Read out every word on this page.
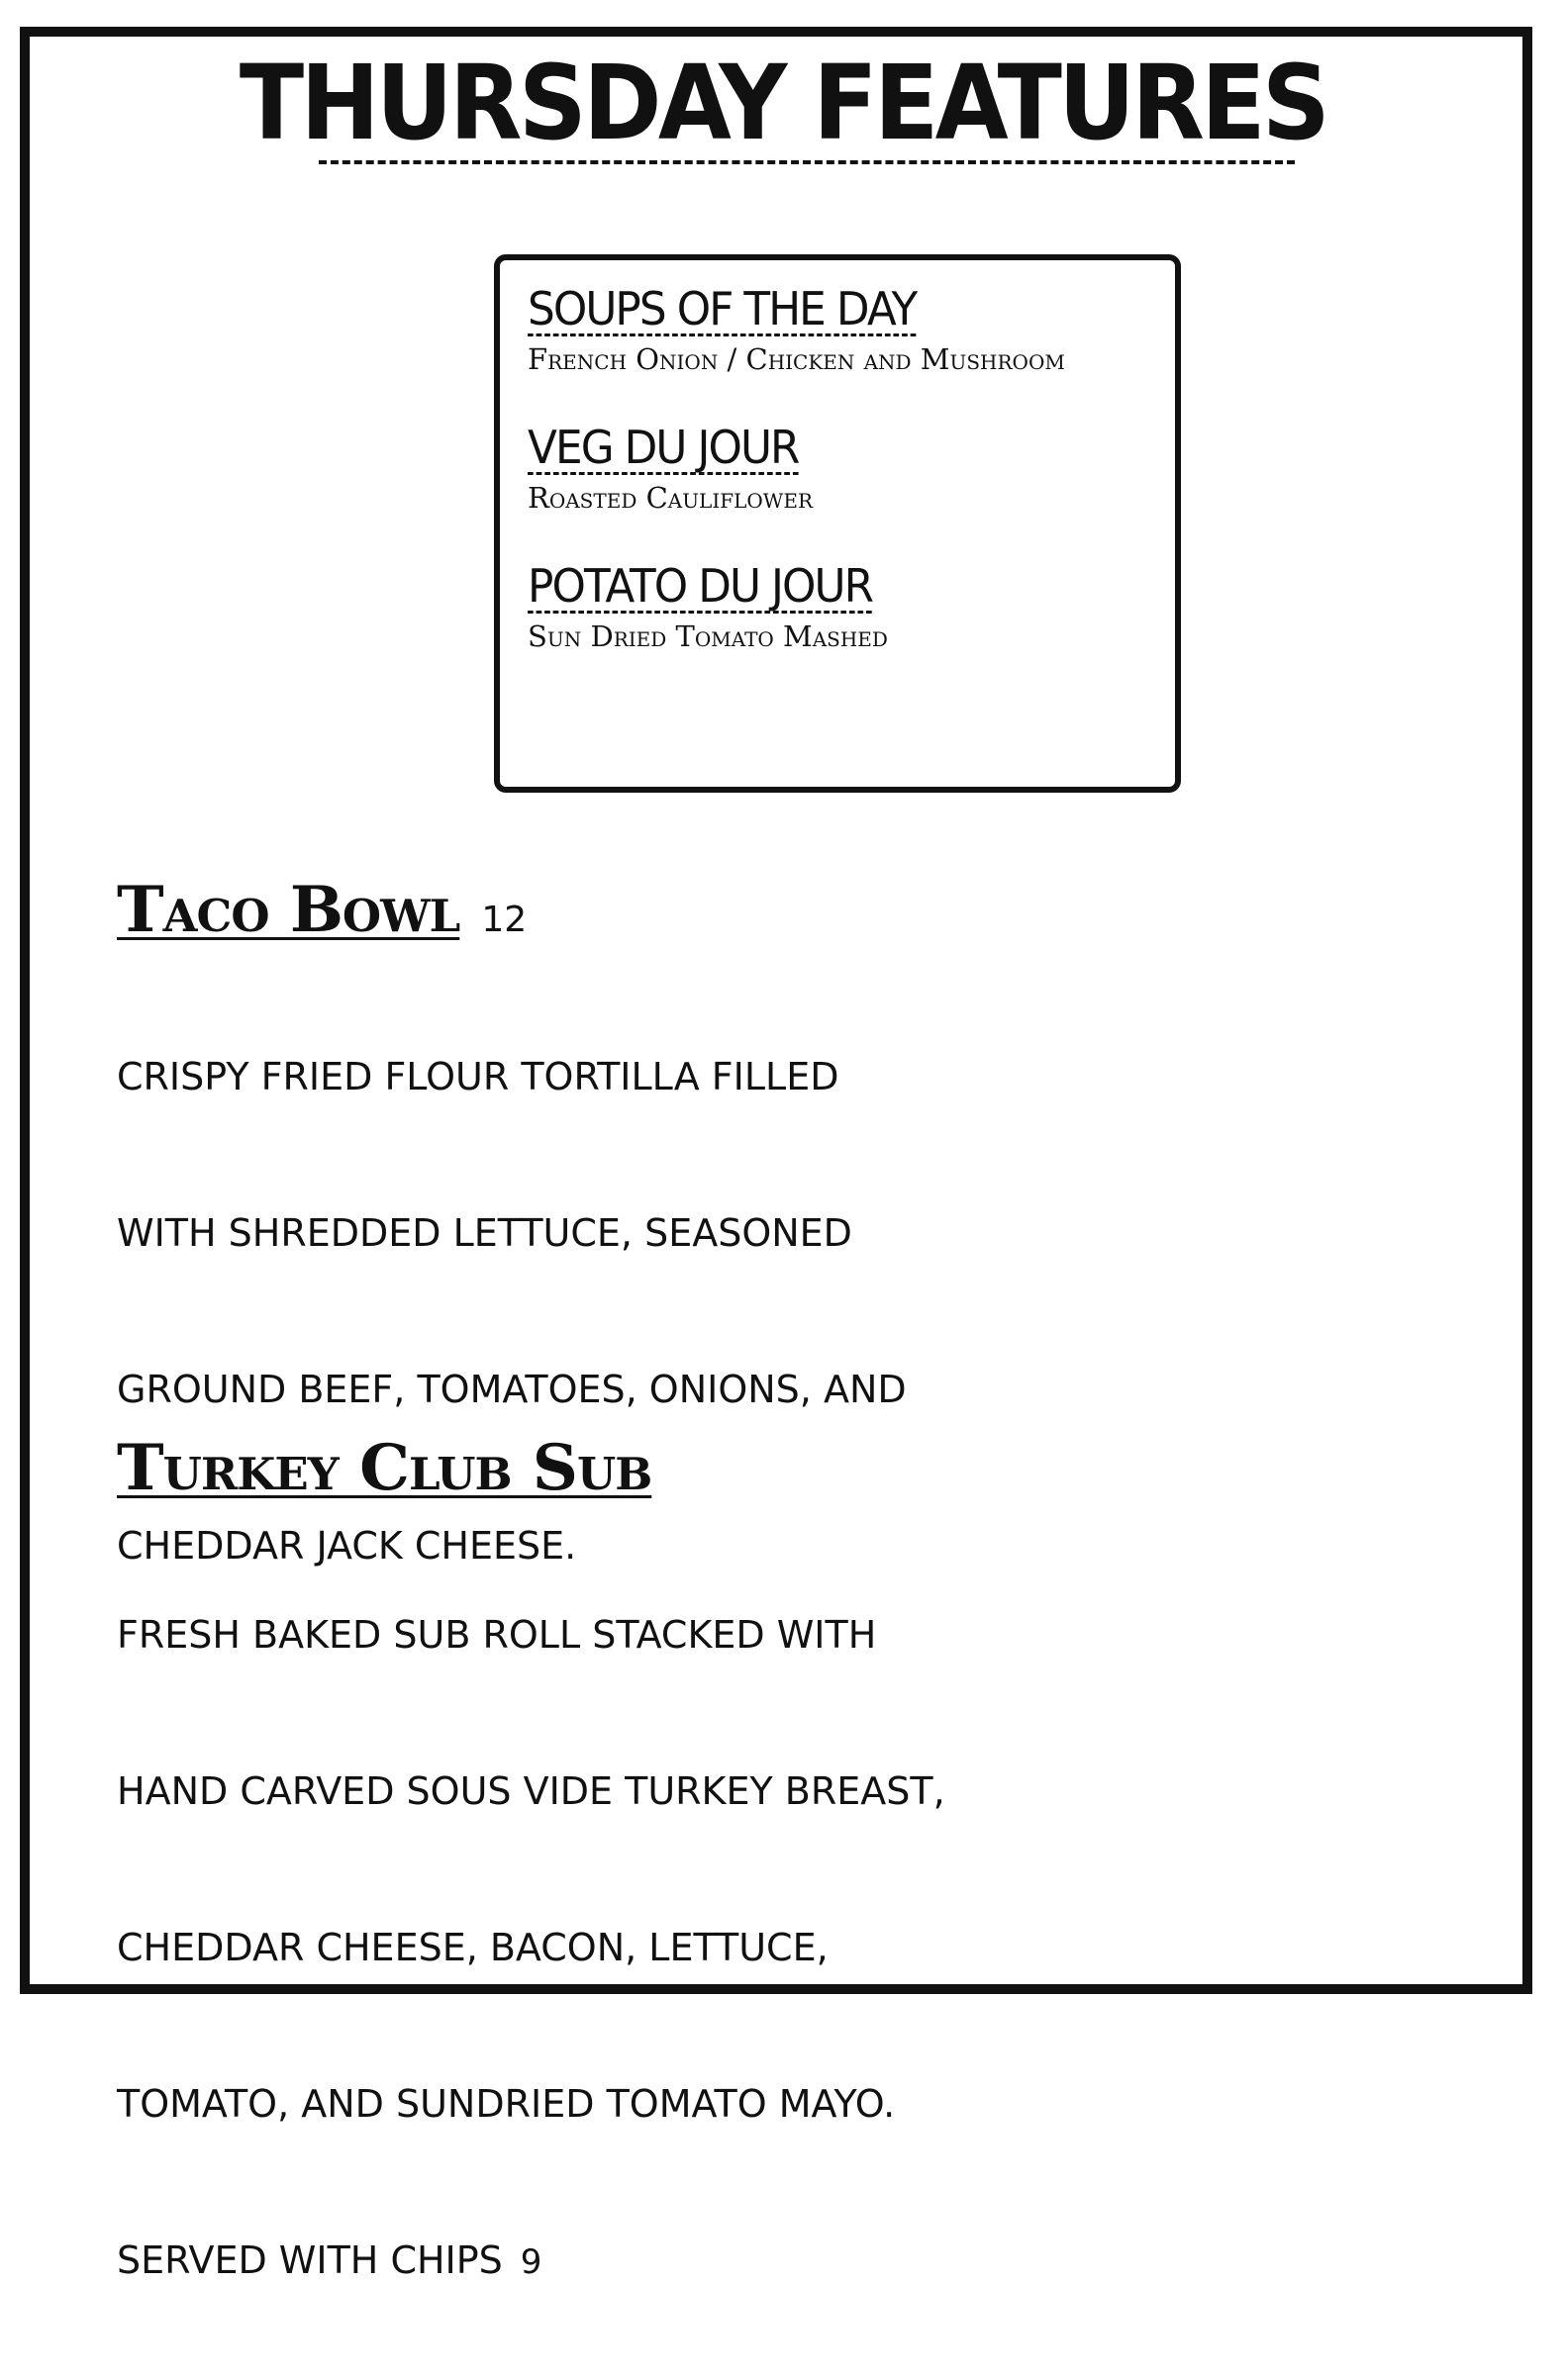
THURSDAY FEATURES
SOUPS OF THE DAY
French Onion / Chicken and Mushroom
VEG DU JOUR
Roasted Cauliflower
POTATO DU JOUR
Sun Dried Tomato Mashed
Taco Bowl 12

CRISPY FRIED FLOUR TORTILLA FILLED

WITH SHREDDED LETTUCE, SEASONED

GROUND BEEF, TOMATOES, ONIONS, AND

CHEDDAR JACK CHEESE.

Turkey Club Sub

FRESH BAKED SUB ROLL STACKED WITH

HAND CARVED SOUS VIDE TURKEY BREAST,

CHEDDAR CHEESE, BACON, LETTUCE,

TOMATO, AND SUNDRIED TOMATO MAYO.

SERVED WITH CHIPS 9
